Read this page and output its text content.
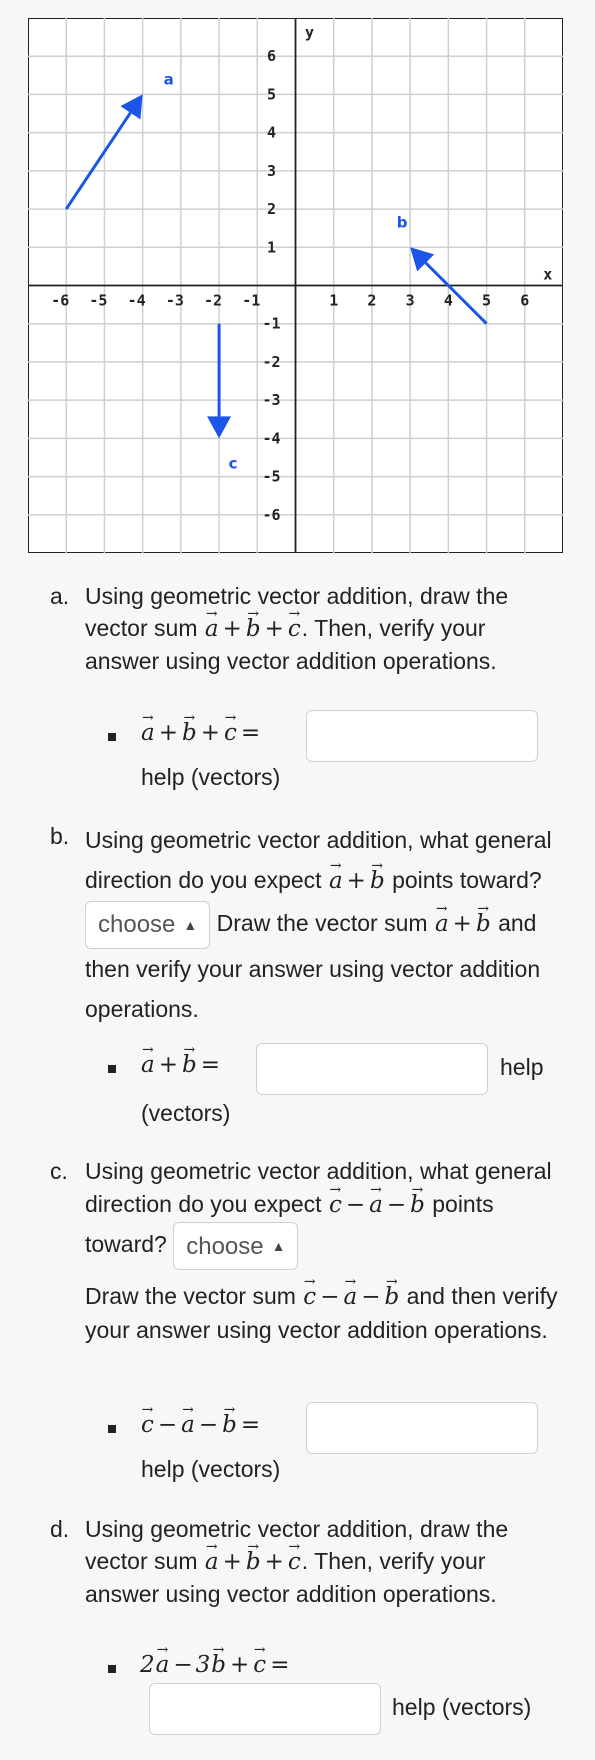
-6 -5 -4 -3 -2 -1	1 2 3 4 5 6
6
5
4
3
2
1
-1
-2
-3
-4
-5
-6
x
y
a
b
c
a. Using geometric vector addition, draw the vector sum → a + → b + → c. Then, verify your answer using vector addition operations.
→ a + → b + → c =
help (vectors)
b. Using geometric vector addition, what general direction do you expect → a + → b points toward?
choose ▲ Draw the vector sum → a + → b and then verify your answer using vector addition operations.
→ a + → b =	help
(vectors)
c. Using geometric vector addition, what general direction do you expect → c − → a − → b points toward? choose ▲
Draw the vector sum → c − → a − → b and then verify your answer using vector addition operations.
→ c − → a − → b =
help (vectors)
d. Using geometric vector addition, draw the vector sum → a + → b + → c. Then, verify your answer using vector addition operations.
2→ a − 3→ b + → c =
help (vectors)
